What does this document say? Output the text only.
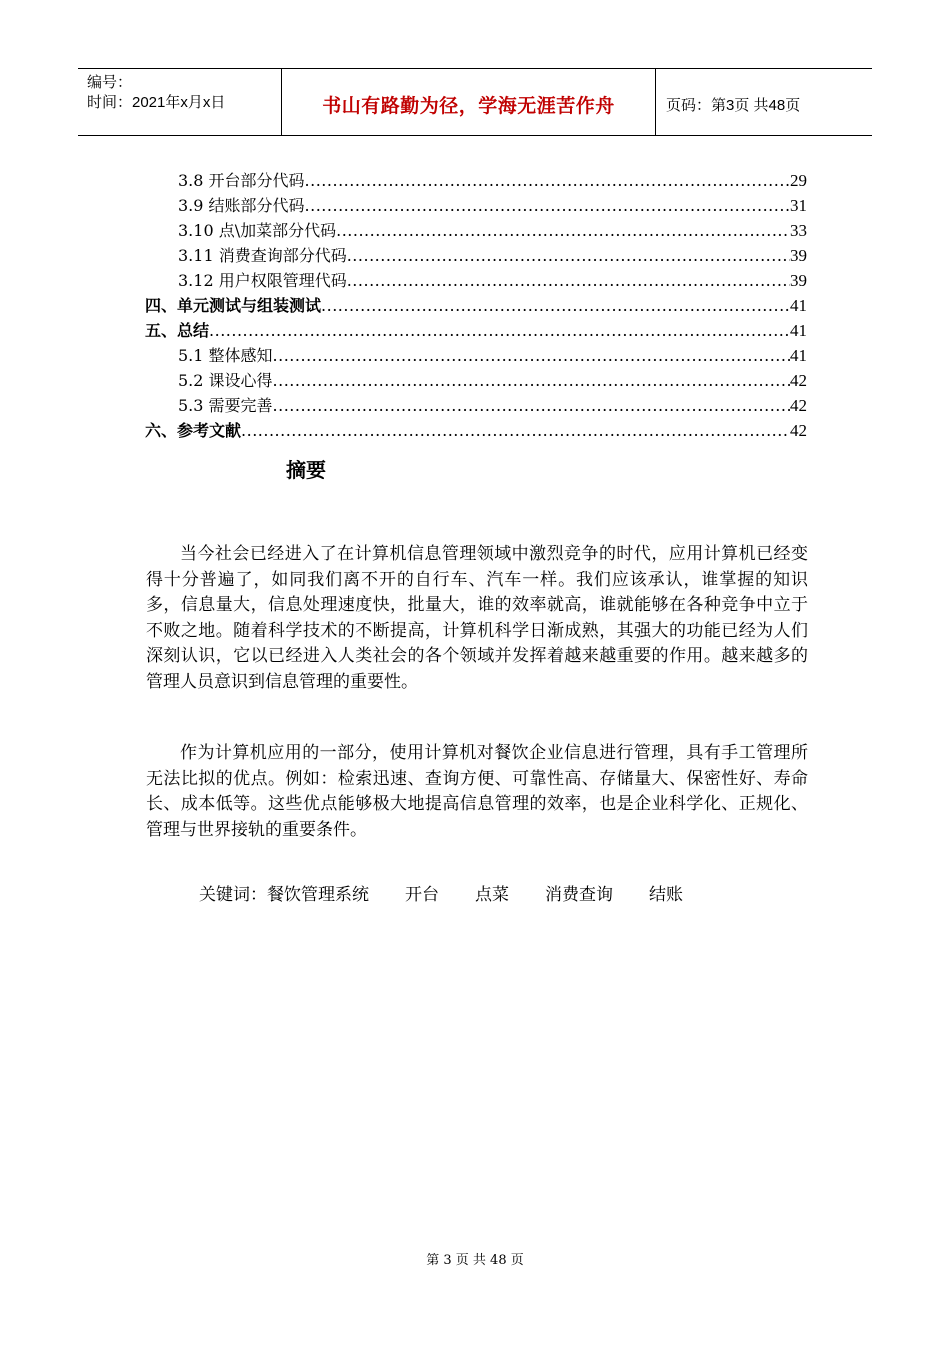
编号：
时间：2021年x月x日	书山有路勤为径，学海无涯苦作舟	页码：第3页 共48页
3.8 开台部分代码 .....	29
3.9 结账部分代码 .....	31
3.10 点\加菜部分代码 .....	33
3.11 消费查询部分代码 .....	39
3.12 用户权限管理代码 .....	39
四、单元测试与组装测试 .....	41
五、总结 .....	41
5.1 整体感知 .....	41
5.2 课设心得 .....	42
5.3 需要完善 .....	42
六、参考文献 .....	42
摘要

当今社会已经进入了在计算机信息管理领域中激烈竞争的时代，应用计算机已经变得十分普遍了，如同我们离不开的自行车、汽车一样。我们应该承认，谁掌握的知识多，信息量大，信息处理速度快，批量大，谁的效率就高，谁就能够在各种竞争中立于不败之地。随着科学技术的不断提高，计算机科学日渐成熟，其强大的功能已经为人们深刻认识，它以已经进入人类社会的各个领域并发挥着越来越重要的作用。越来越多的管理人员意识到信息管理的重要性。

作为计算机应用的一部分，使用计算机对餐饮企业信息进行管理，具有手工管理所无法比拟的优点。例如：检索迅速、查询方便、可靠性高、存储量大、保密性好、寿命长、成本低等。这些优点能够极大地提高信息管理的效率，也是企业科学化、正规化、管理与世界接轨的重要条件。

关键词：餐饮管理系统 开台 点菜 消费查询 结账
第 3 页 共 48 页
